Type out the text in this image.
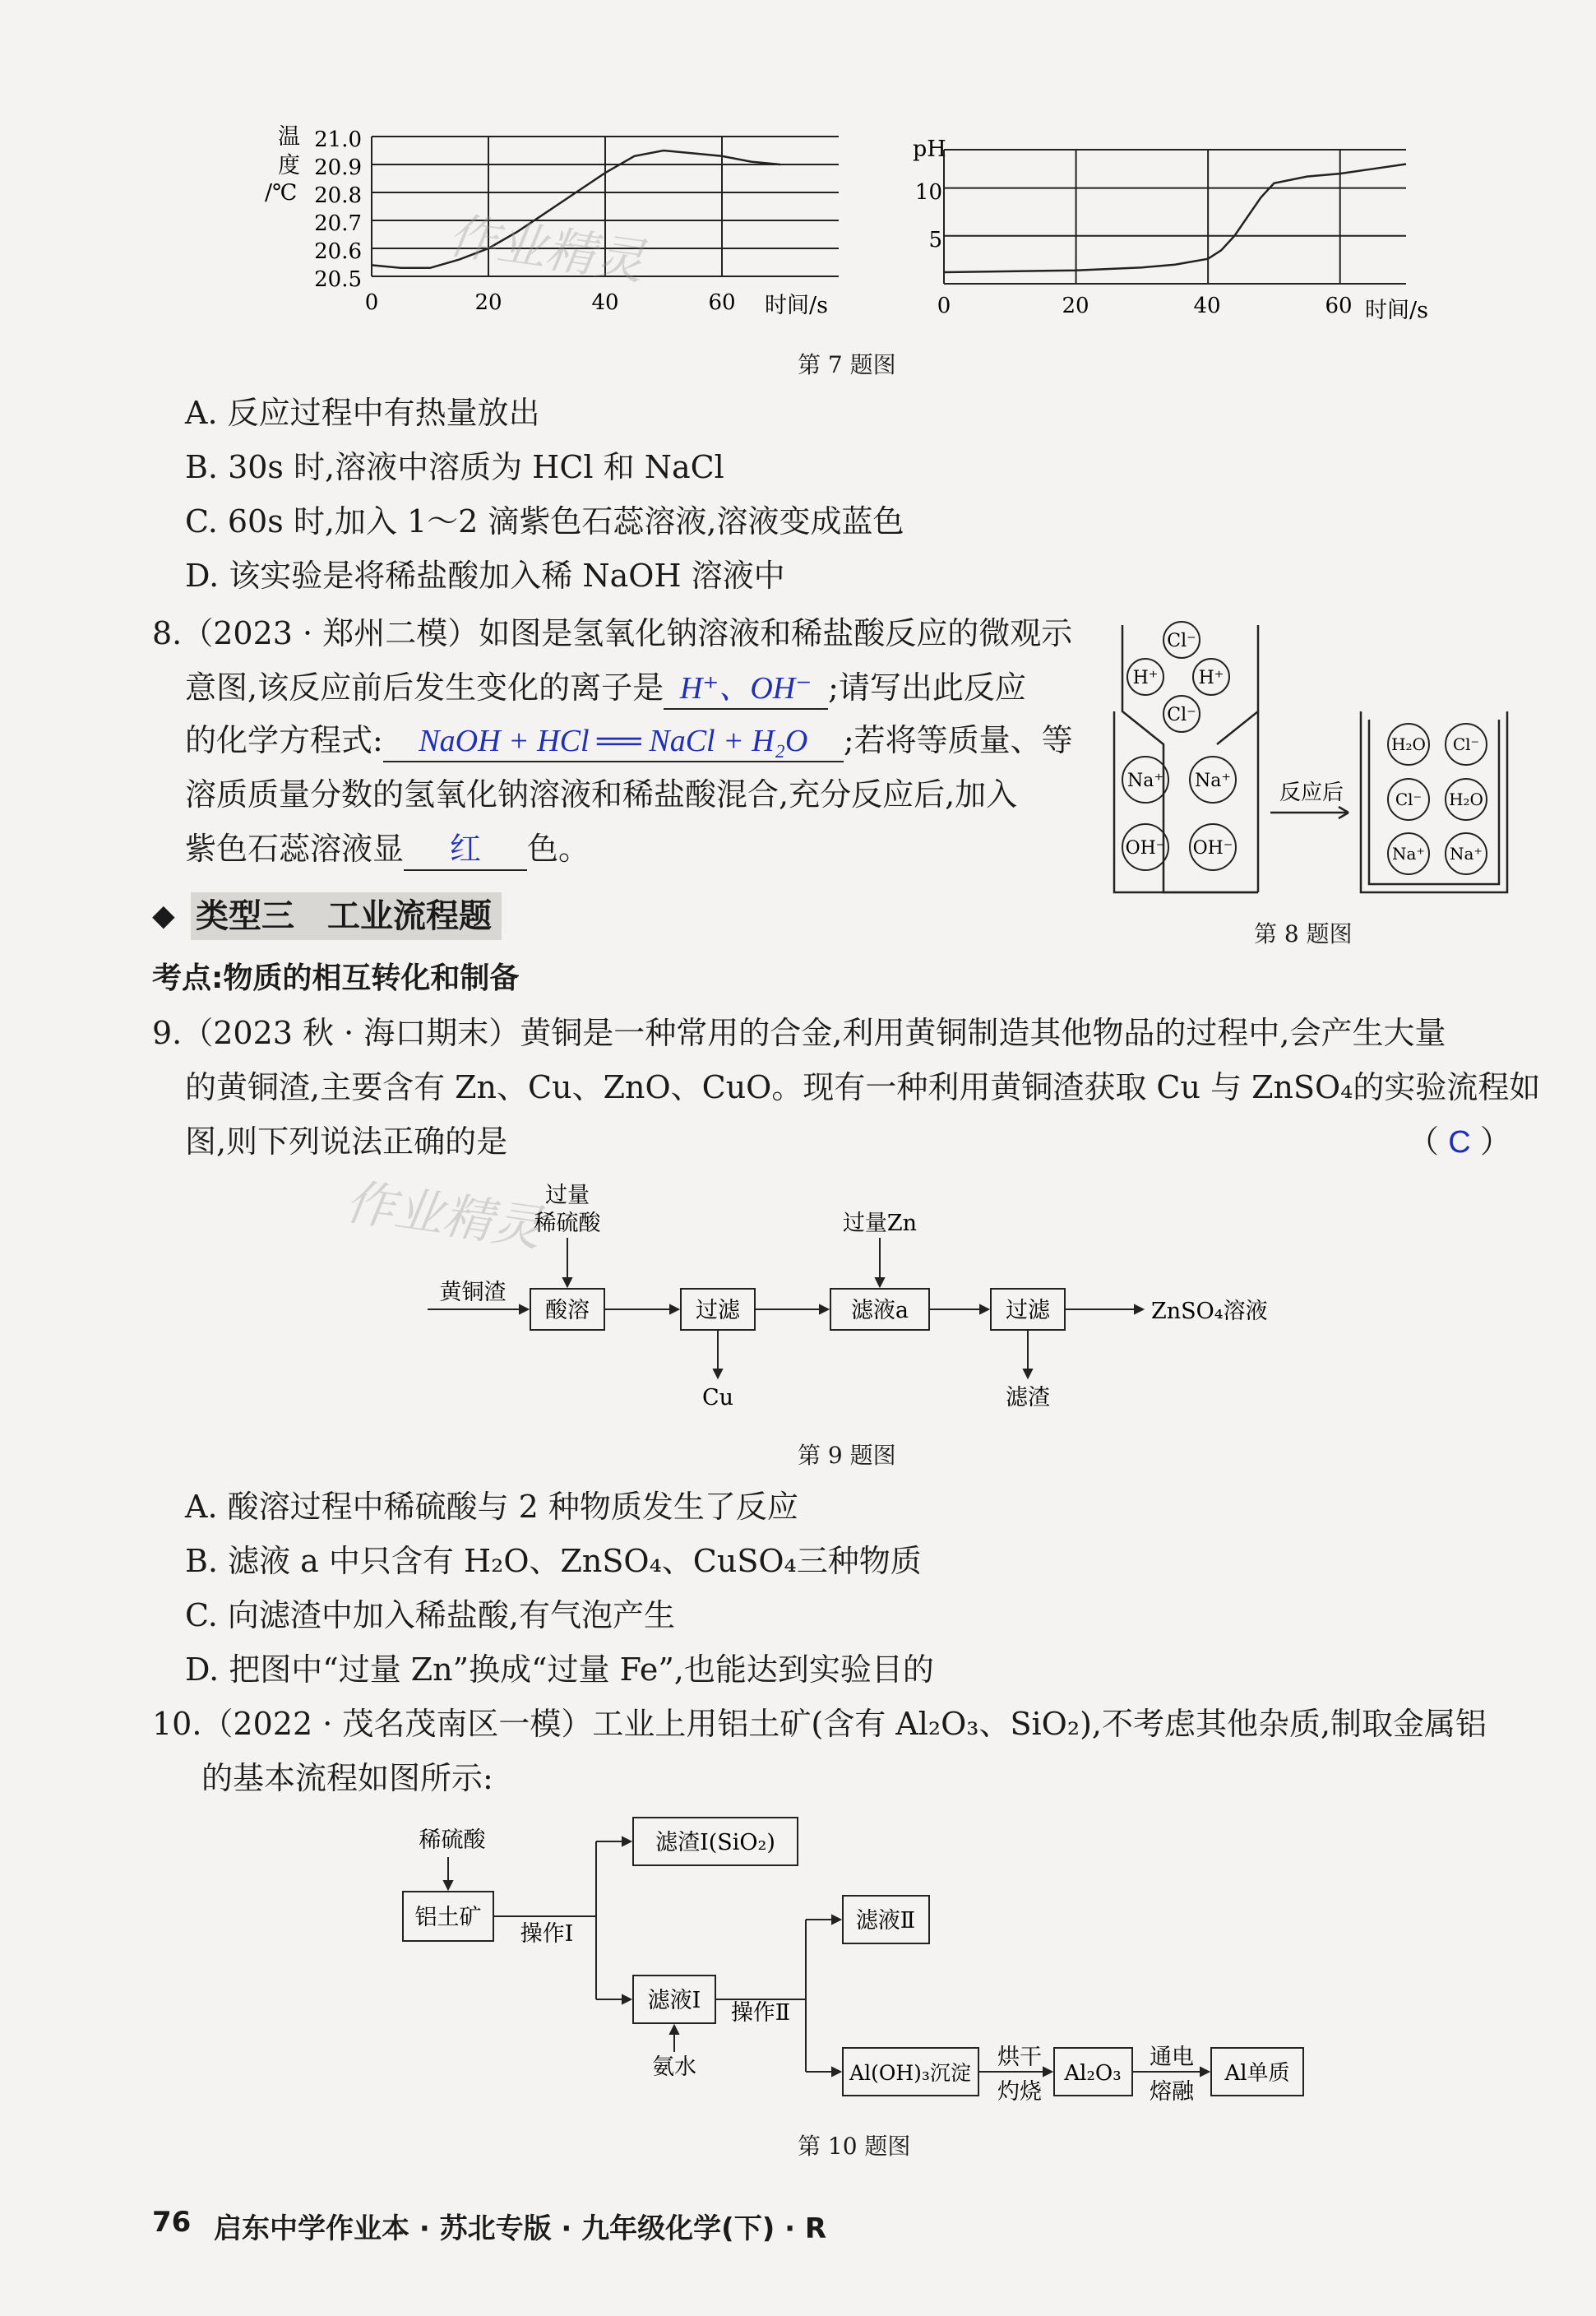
温
度
/℃
21.0
20.9
20.8
20.7
20.6
20.5
0	20	40	60 时间/s
pH
10
5
0	20	40	60 时间/s
作业精灵
第 7 题图
A. 反应过程中有热量放出
B. 30s 时,溶液中溶质为 HCl 和 NaCl
C. 60s 时,加入 1～2 滴紫色石蕊溶液,溶液变成蓝色
D. 该实验是将稀盐酸加入稀 NaOH 溶液中
8.（2023 · 郑州二模）如图是氢氧化钠溶液和稀盐酸反应的微观示
意图,该反应前后发生变化的离子是 H⁺、OH⁻ ;请写出此反应
的化学方程式: NaOH + HCl ══ NaCl + H₂O ;若将等质量、等
溶质质量分数的氢氧化钠溶液和稀盐酸混合,充分反应后,加入
紫色石蕊溶液显 红 色。
Cl⁻
H⁺ H⁺
Cl⁻
Na⁺ Na⁺
OH⁻ OH⁻
反应后
H₂O Cl⁻
Cl⁻ H₂O
Na⁺ Na⁺
第 8 题图
◆ 类型三　工业流程题
考点:物质的相互转化和制备
9.（2023 秋 · 海口期末）黄铜是一种常用的合金,利用黄铜制造其他物品的过程中,会产生大量
的黄铜渣,主要含有 Zn、Cu、ZnO、CuO。现有一种利用黄铜渣获取 Cu 与 ZnSO₄的实验流程如
图,则下列说法正确的是	（ C ）
作业精灵 过量
稀硫酸
黄铜渣
过量Zn
ZnSO₄溶液
Cu	滤渣
酸溶	过滤	滤液a	过滤
第 9 题图
A. 酸溶过程中稀硫酸与 2 种物质发生了反应
B. 滤液 a 中只含有 H₂O、ZnSO₄、CuSO₄三种物质
C. 向滤渣中加入稀盐酸,有气泡产生
D. 把图中“过量 Zn”换成“过量 Fe”,也能达到实验目的
10.（2022 · 茂名茂南区一模）工业上用铝土矿(含有 Al₂O₃、SiO₂),不考虑其他杂质,制取金属铝
的基本流程如图所示:
稀硫酸
操作Ⅰ
氨水
操作Ⅱ
烘干
灼烧
通电
熔融
铝土矿
滤渣Ⅰ(SiO₂)
滤液Ⅰ
滤液Ⅱ
Al(OH)₃沉淀	Al₂O₃	Al单质
第 10 题图
76 启东中学作业本 · 苏北专版 · 九年级化学(下) · R
